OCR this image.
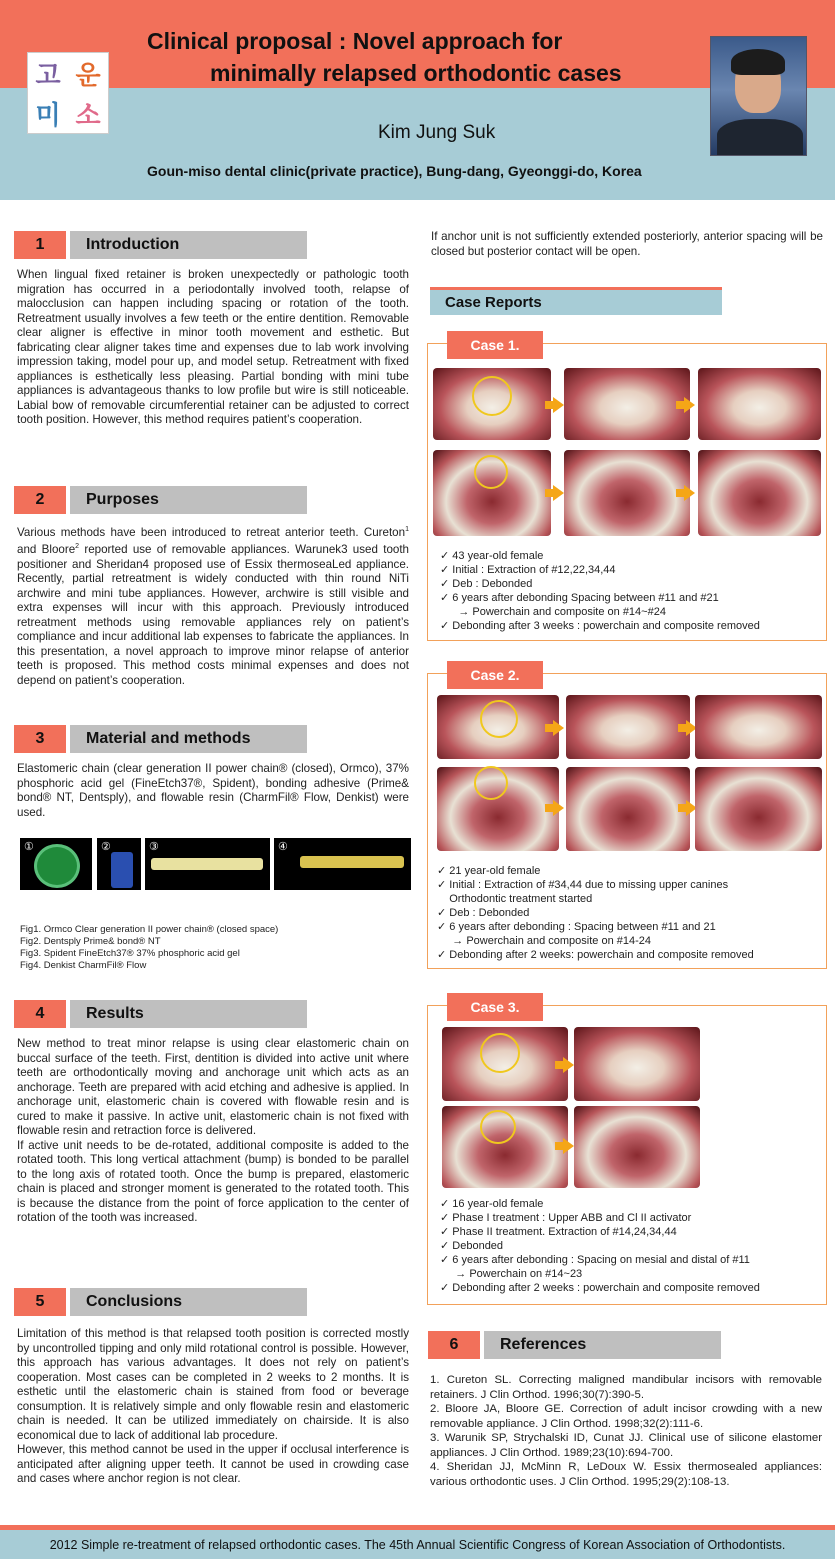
고 운
미 소
Clinical proposal : Novel approach for
minimally relapsed orthodontic cases
Kim Jung Suk
Goun-miso dental clinic(private practice), Bung-dang, Gyeonggi-do, Korea
1	Introduction
When lingual fixed retainer is broken unexpectedly or pathologic tooth migration has occurred in a periodontally involved tooth, relapse of malocclusion can happen including spacing or rotation of the tooth. Retreatment usually involves a few teeth or the entire dentition. Removable clear aligner is effective in minor tooth movement and esthetic. But fabricating clear aligner takes time and expenses due to lab work involving impression taking, model pour up, and model setup. Retreatment with fixed appliances is esthetically less pleasing. Partial bonding with mini tube appliances is advantageous thanks to low profile but wire is still noticeable. Labial bow of removable circumferential retainer can be adjusted to correct tooth position. However, this method requires patient’s cooperation.
2	Purposes
Various methods have been introduced to retreat anterior teeth. Cureton$^1$ and Bloore$^2$ reported use of removable appliances. Warunek3 used tooth positioner and Sheridan4 proposed use of Essix thermoseaLed appliance. Recently, partial retreatment is widely conducted with thin round NiTi archwire and mini tube appliances. However, archwire is still visible and extra expenses will incur with this approach. Previously introduced retreatment methods using removable appliances rely on patient’s compliance and incur additional lab expenses to fabricate the appliances. In this presentation, a novel approach to improve minor relapse of anterior teeth is proposed. This method costs minimal expenses and does not depend on patient’s cooperation.
3	Material and methods
Elastomeric chain (clear generation II power chain® (closed), Ormco), 37% phosphoric acid gel (FineEtch37®, Spident), bonding adhesive (Prime& bond® NT, Dentsply), and flowable resin (CharmFil® Flow, Denkist) were used.
①	②	③	④
Fig1. Ormco Clear generation II power chain® (closed space)
Fig2. Dentsply Prime& bond® NT
Fig3. Spident FineEtch37® 37% phosphoric acid gel
Fig4. Denkist CharmFil® Flow
4	Results
New method to treat minor relapse is using clear elastomeric chain on buccal surface of the teeth. First, dentition is divided into active unit where teeth are orthodontically moving and anchorage unit which acts as an anchorage. Teeth are prepared with acid etching and adhesive is applied. In anchorage unit, elastomeric chain is covered with flowable resin and is cured to make it passive. In active unit, elastomeric chain is not fixed with flowable resin and retraction force is delivered.
If active unit needs to be de-rotated, additional composite is added to the rotated tooth. This long vertical attachment (bump) is bonded to be parallel to the long axis of rotated tooth. Once the bump is prepared, elastomeric chain is placed and stronger moment is generated to the rotated tooth. This is because the distance from the point of force application to the center of rotation of the tooth was increased.
5	Conclusions
Limitation of this method is that relapsed tooth position is corrected mostly by uncontrolled tipping and only mild rotational control is possible. However, this approach has various advantages. It does not rely on patient’s cooperation. Most cases can be completed in 2 weeks to 2 months. It is esthetic until the elastomeric chain is stained from food or beverage consumption. It is relatively simple and only flowable resin and elastomeric chain is needed. It can be utilized immediately on chairside. It is also economical due to lack of additional lab procedure.
However, this method cannot be used in the upper if occlusal interference is anticipated after aligning upper teeth. It cannot be used in crowding case and cases where anchor region is not clear.
If anchor unit is not sufficiently extended posteriorly, anterior spacing will be closed but posterior contact will be open.
Case Reports
Case 1.
✓ 43 year-old female
✓ Initial : Extraction of #12,22,34,44
✓ Deb : Debonded
✓ 6 years after debonding Spacing between #11 and #21
→ Powerchain and composite on #14~#24
✓ Debonding after 3 weeks : powerchain and composite removed
Case 2.
✓ 21 year-old female
✓ Initial : Extraction of #34,44 due to missing upper canines
Orthodontic treatment started
✓ Deb : Debonded
✓ 6 years after debonding : Spacing between #11 and 21
→ Powerchain and composite on #14-24
✓ Debonding after 2 weeks: powerchain and composite removed
Case 3.
✓ 16 year-old female
✓ Phase I treatment : Upper ABB and Cl II activator
✓ Phase II treatment. Extraction of #14,24,34,44
✓ Debonded
✓ 6 years after debonding : Spacing on mesial and distal of #11
→ Powerchain on #14~23
✓ Debonding after 2 weeks : powerchain and composite removed
6	References
1. Cureton SL. Correcting maligned mandibular incisors with removable retainers. J Clin Orthod. 1996;30(7):390-5.
2. Bloore JA, Bloore GE. Correction of adult incisor crowding with a new removable appliance. J Clin Orthod. 1998;32(2):111-6.
3. Warunik SP, Strychalski ID, Cunat JJ. Clinical use of silicone elastomer appliances. J Clin Orthod. 1989;23(10):694-700.
4. Sheridan JJ, McMinn R, LeDoux W. Essix thermosealed appliances: various orthodontic uses. J Clin Orthod. 1995;29(2):108-13.
2012 Simple re-treatment of relapsed orthodontic cases. The 45th Annual Scientific Congress of Korean Association of Orthodontists.
